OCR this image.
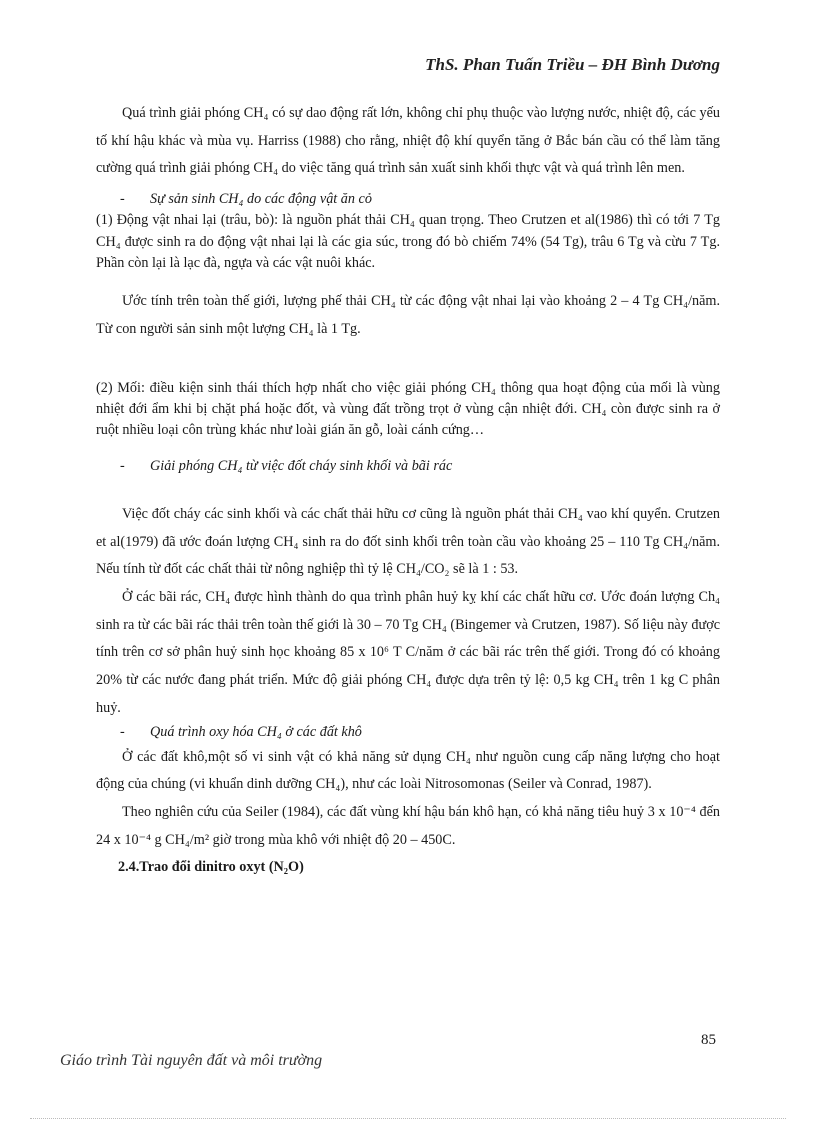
ThS. Phan Tuấn Triều – ĐH Bình Dương

Quá trình giải phóng CH₄ có sự dao động rất lớn, không chỉ phụ thuộc vào lượng nước, nhiệt độ, các yếu tố khí hậu khác và mùa vụ. Harriss (1988) cho rằng, nhiệt độ khí quyển tăng ở Bắc bán cầu có thể làm tăng cường quá trình giải phóng CH₄ do việc tăng quá trình sản xuất sinh khối thực vật và quá trình lên men.

- Sự sản sinh CH₄ do các động vật ăn cỏ

(1) Động vật nhai lại (trâu, bò): là nguồn phát thải CH₄ quan trọng. Theo Crutzen et al(1986) thì có tới 7 Tg CH₄ được sinh ra do động vật nhai lại là các gia súc, trong đó bò chiếm 74% (54 Tg), trâu 6 Tg và cừu 7 Tg. Phần còn lại là lạc đà, ngựa và các vật nuôi khác.

Ước tính trên toàn thế giới, lượng phế thải CH₄ từ các động vật nhai lại vào khoảng 2 – 4 Tg CH₄/năm. Từ con người sản sinh một lượng CH₄ là 1 Tg.

(2) Mối: điều kiện sinh thái thích hợp nhất cho việc giải phóng CH₄ thông qua hoạt động của mối là vùng nhiệt đới ẩm khi bị chặt phá hoặc đốt, và vùng đất trồng trọt ở vùng cận nhiệt đới. CH₄ còn được sinh ra ở ruột nhiều loại côn trùng khác như loài gián ăn gỗ, loài cánh cứng…

- Giải phóng CH₄ từ việc đốt cháy sinh khối và bãi rác

Việc đốt cháy các sinh khối và các chất thải hữu cơ cũng là nguồn phát thải CH₄ vao khí quyển. Crutzen et al(1979) đã ước đoán lượng CH₄ sinh ra do đốt sinh khối trên toàn cầu vào khoảng 25 – 110 Tg CH₄/năm. Nếu tính từ đốt các chất thải từ nông nghiệp thì tỷ lệ CH₄/CO₂ sẽ là 1 : 53.

Ở các bãi rác, CH₄ được hình thành do qua trình phân huỷ kỵ khí các chất hữu cơ. Ước đoán lượng Ch₄ sinh ra từ các bãi rác thải trên toàn thế giới là 30 – 70 Tg CH₄ (Bingemer và Crutzen, 1987). Số liệu này được tính trên cơ sở phân huỷ sinh học khoảng 85 x 10⁶ T C/năm ở các bãi rác trên thế giới. Trong đó có khoảng 20% từ các nước đang phát triển. Mức độ giải phóng CH₄ được dựa trên tỷ lệ: 0,5 kg CH₄ trên 1 kg C phân huỷ.

- Quá trình oxy hóa CH₄ ở các đất khô

Ở các đất khô,một số vi sinh vật có khả năng sử dụng CH₄ như nguồn cung cấp năng lượng cho hoạt động của chúng (vi khuẩn dinh dưỡng CH₄), như các loài Nitrosomonas (Seiler và Conrad, 1987).

Theo nghiên cứu của Seiler (1984), các đất vùng khí hậu bán khô hạn, có khả năng tiêu huỷ 3 x 10⁻⁴ đến 24 x 10⁻⁴ g CH₄/m² giờ trong mùa khô với nhiệt độ 20 – 450C.

2.4.Trao đổi dinitro oxyt (N₂O)

85
Giáo trình Tài nguyên đất và môi trường
